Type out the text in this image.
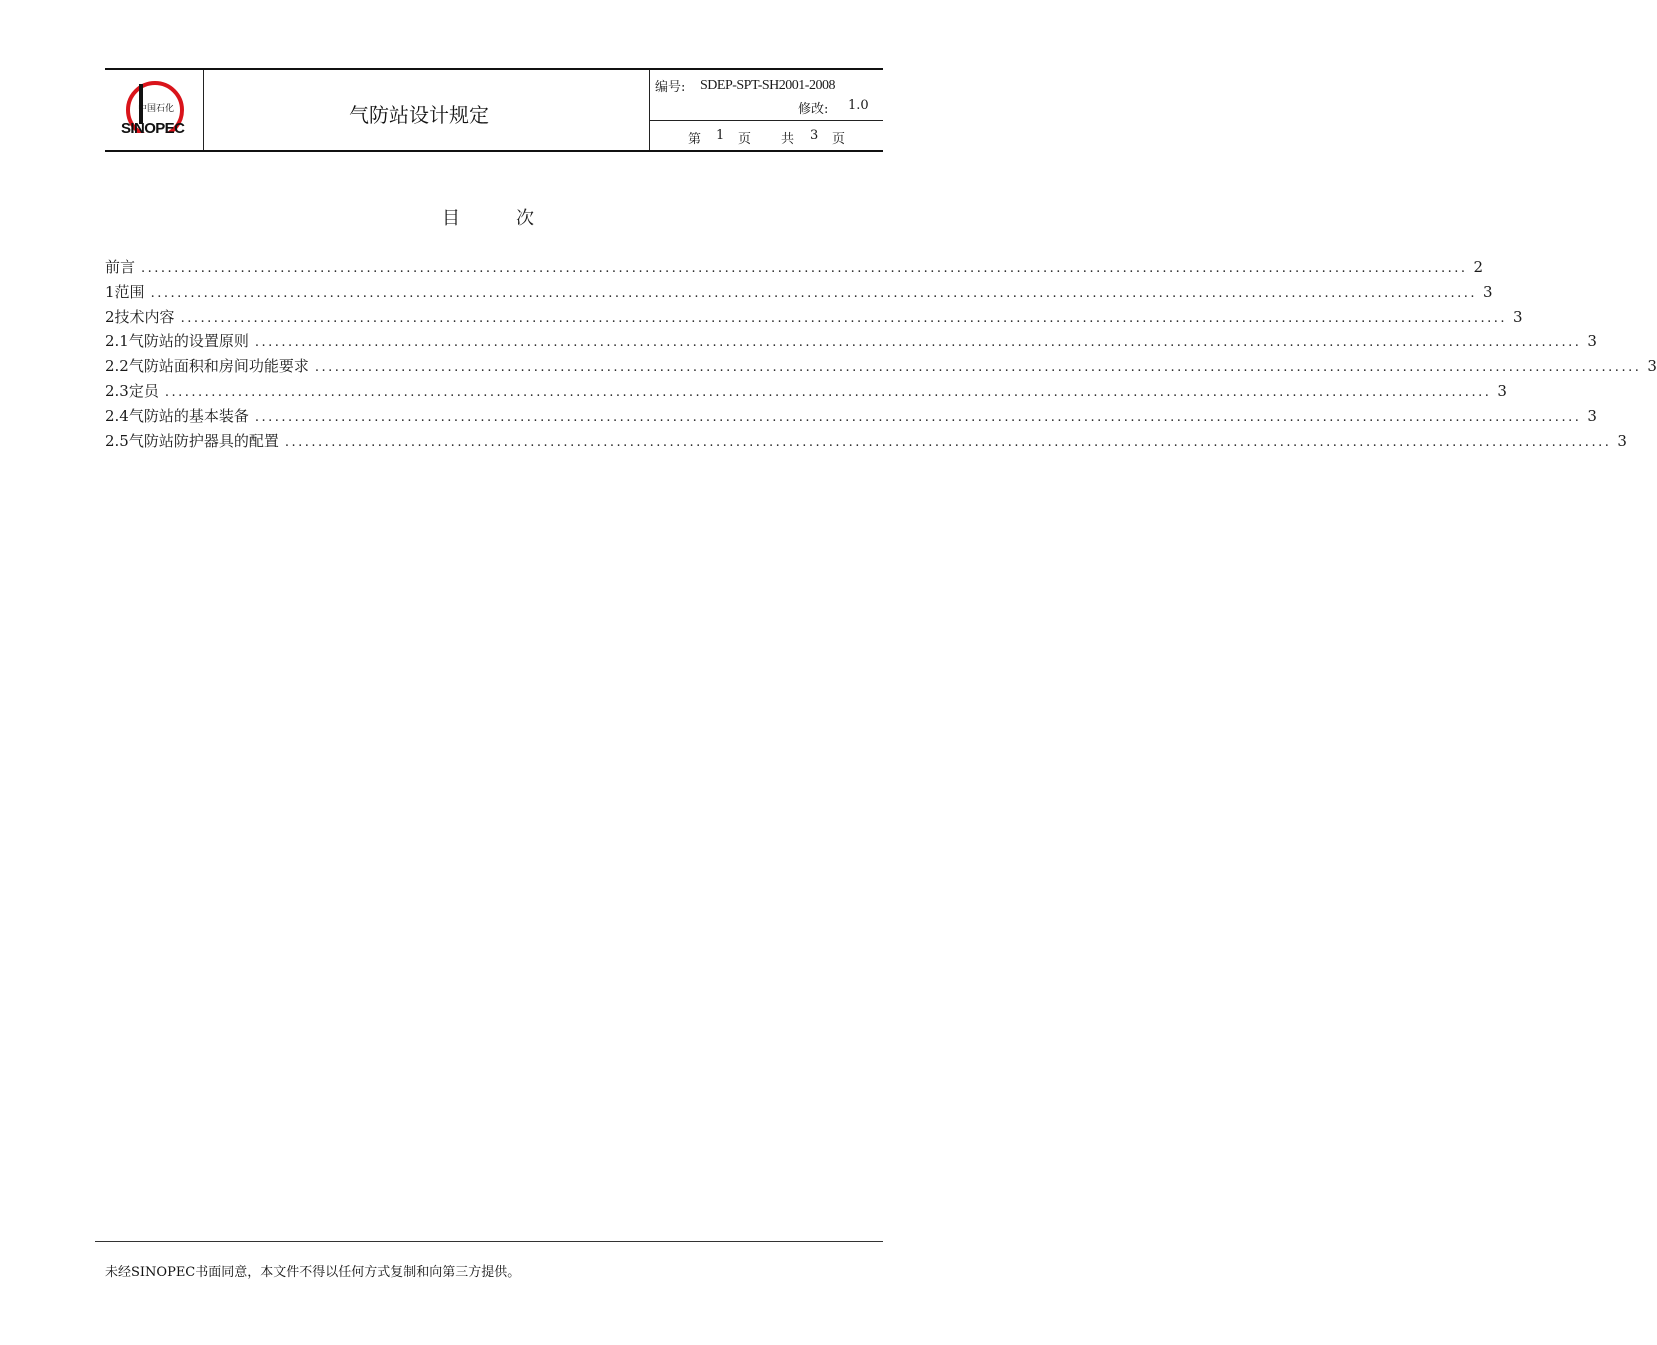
中国石化
SINOPEC
气防站设计规定
编号: SDEP-SPT-SH2001-2008
修改: 1.0
第 1 页 共 3 页
目次
前言 ........................................................................................................................................................................................................ 2
1 范围 ........................................................................................................................................................................................................ 3
2 技术内容 ........................................................................................................................................................................................................ 3
2.1 气防站的设置原则 ........................................................................................................................................................................................................ 3
2.2 气防站面积和房间功能要求 ........................................................................................................................................................................................................ 3
2.3 定员 ........................................................................................................................................................................................................ 3
2.4 气防站的基本装备 ........................................................................................................................................................................................................ 3
2.5 气防站防护器具的配置 ........................................................................................................................................................................................................ 3
未经SINOPEC书面同意，本文件不得以任何方式复制和向第三方提供。
